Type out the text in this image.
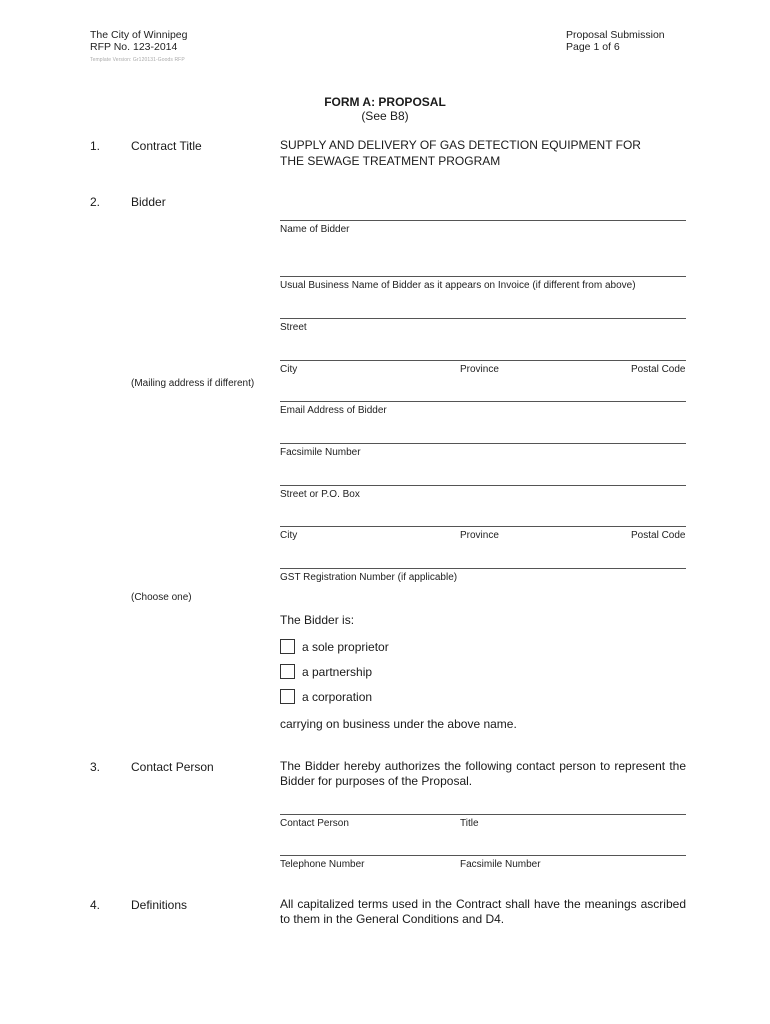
The City of Winnipeg
RFP No. 123-2014
Proposal Submission
Page 1 of 6
Template Version: Gr120131-Goods RFP
FORM A: PROPOSAL
(See B8)
1.	Contract Title	SUPPLY AND DELIVERY OF GAS DETECTION EQUIPMENT FOR
THE SEWAGE TREATMENT PROGRAM
2.	Bidder
Name of Bidder
Usual Business Name of Bidder as it appears on Invoice (if different from above)
Street
City	Province	Postal Code
(Mailing address if different)
Email Address of Bidder
Facsimile Number
Street or P.O. Box
City	Province	Postal Code
GST Registration Number (if applicable)
(Choose one)
The Bidder is:
a sole proprietor
a partnership
a corporation
carrying on business under the above name.
3.	Contact Person	The Bidder hereby authorizes the following contact person to represent the Bidder for purposes of the Proposal.
Contact Person	Title
Telephone Number	Facsimile Number
4.	Definitions	All capitalized terms used in the Contract shall have the meanings ascribed to them in the General Conditions and D4.
